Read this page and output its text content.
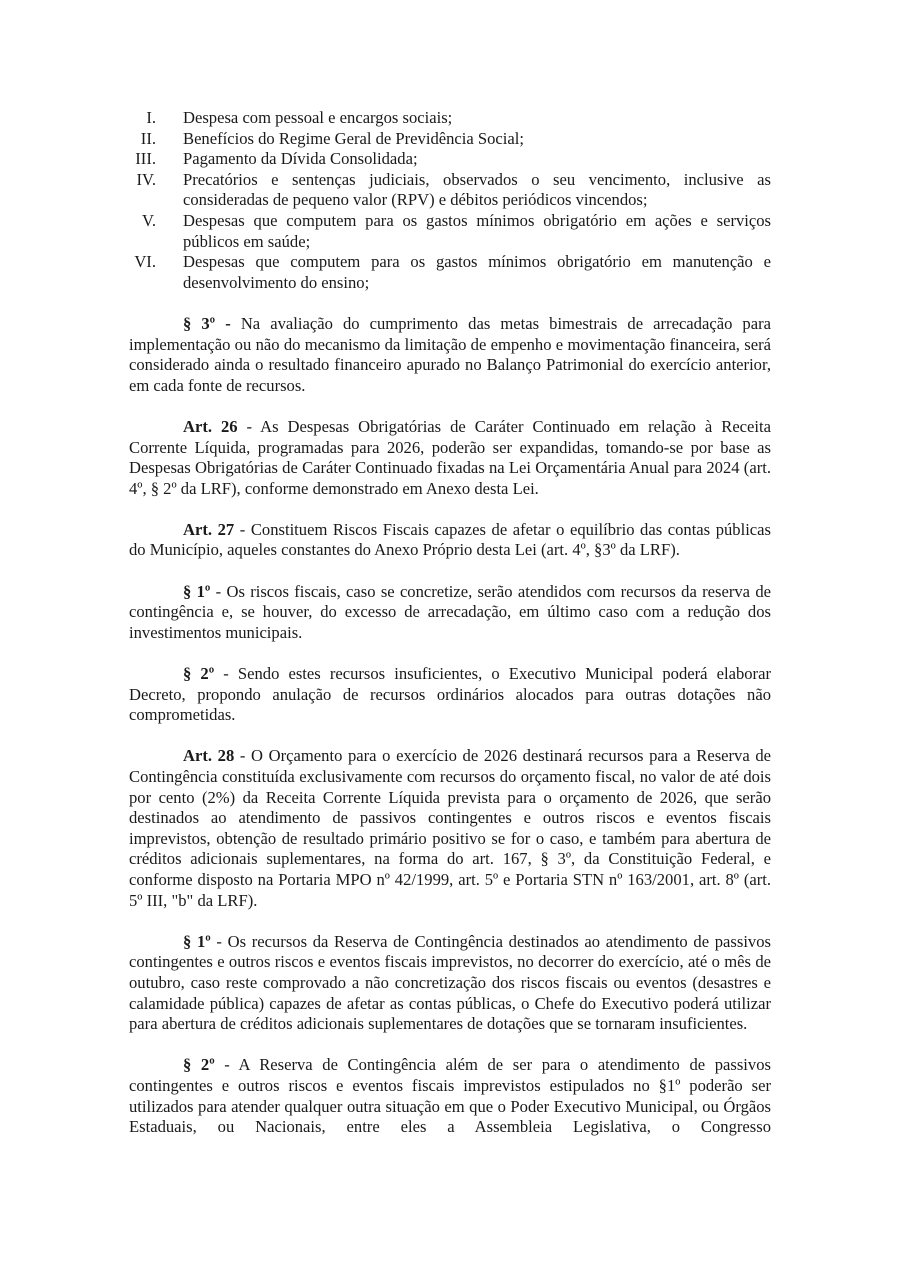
I. Despesa com pessoal e encargos sociais;
II. Benefícios do Regime Geral de Previdência Social;
III. Pagamento da Dívida Consolidada;
IV. Precatórios e sentenças judiciais, observados o seu vencimento, inclusive as consideradas de pequeno valor (RPV) e débitos periódicos vincendos;
V. Despesas que computem para os gastos mínimos obrigatório em ações e serviços públicos em saúde;
VI. Despesas que computem para os gastos mínimos obrigatório em manutenção e desenvolvimento do ensino;

§ 3º - Na avaliação do cumprimento das metas bimestrais de arrecadação para implementação ou não do mecanismo da limitação de empenho e movimentação financeira, será considerado ainda o resultado financeiro apurado no Balanço Patrimonial do exercício anterior, em cada fonte de recursos.

Art. 26 - As Despesas Obrigatórias de Caráter Continuado em relação à Receita Corrente Líquida, programadas para 2026, poderão ser expandidas, tomando-se por base as Despesas Obrigatórias de Caráter Continuado fixadas na Lei Orçamentária Anual para 2024 (art. 4º, § 2º da LRF), conforme demonstrado em Anexo desta Lei.

Art. 27 - Constituem Riscos Fiscais capazes de afetar o equilíbrio das contas públicas do Município, aqueles constantes do Anexo Próprio desta Lei (art. 4º, §3º da LRF).

§ 1º - Os riscos fiscais, caso se concretize, serão atendidos com recursos da reserva de contingência e, se houver, do excesso de arrecadação, em último caso com a redução dos investimentos municipais.

§ 2º - Sendo estes recursos insuficientes, o Executivo Municipal poderá elaborar Decreto, propondo anulação de recursos ordinários alocados para outras dotações não comprometidas.

Art. 28 - O Orçamento para o exercício de 2026 destinará recursos para a Reserva de Contingência constituída exclusivamente com recursos do orçamento fiscal, no valor de até dois por cento (2%) da Receita Corrente Líquida prevista para o orçamento de 2026, que serão destinados ao atendimento de passivos contingentes e outros riscos e eventos fiscais imprevistos, obtenção de resultado primário positivo se for o caso, e também para abertura de créditos adicionais suplementares, na forma do art. 167, § 3º, da Constituição Federal, e conforme disposto na Portaria MPO nº 42/1999, art. 5º e Portaria STN nº 163/2001, art. 8º (art. 5º III, "b" da LRF).

§ 1º - Os recursos da Reserva de Contingência destinados ao atendimento de passivos contingentes e outros riscos e eventos fiscais imprevistos, no decorrer do exercício, até o mês de outubro, caso reste comprovado a não concretização dos riscos fiscais ou eventos (desastres e calamidade pública) capazes de afetar as contas públicas, o Chefe do Executivo poderá utilizar para abertura de créditos adicionais suplementares de dotações que se tornaram insuficientes.

§ 2º - A Reserva de Contingência além de ser para o atendimento de passivos contingentes e outros riscos e eventos fiscais imprevistos estipulados no §1º poderão ser utilizados para atender qualquer outra situação em que o Poder Executivo Municipal, ou Órgãos Estaduais, ou Nacionais, entre eles a Assembleia Legislativa, o Congresso
